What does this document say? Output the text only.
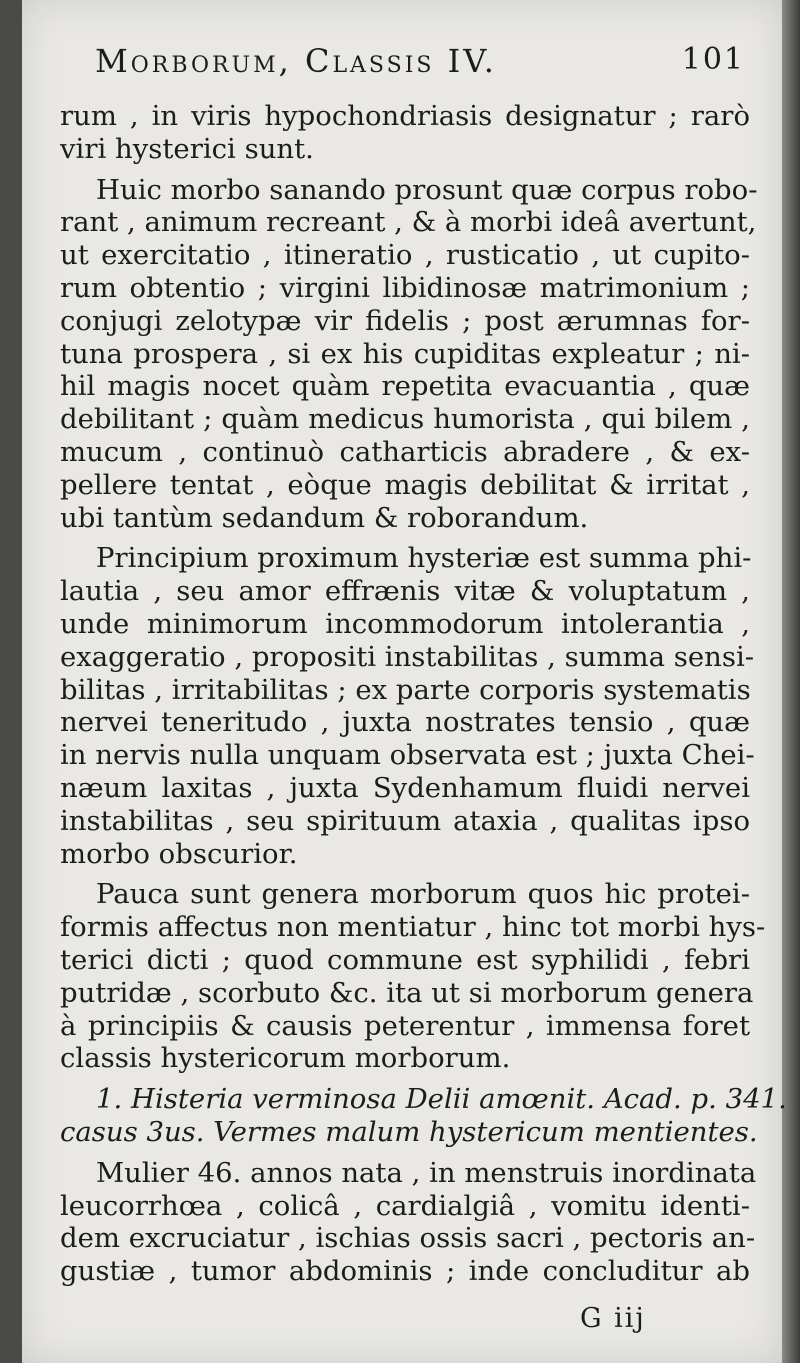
Morborum, Classis IV.	101
rum , in viris hypochondriasis designatur ; rarò
viri hysterici sunt.
Huic morbo sanando prosunt quæ corpus robo-
rant , animum recreant , & à morbi ideâ avertunt,
ut exercitatio , itineratio , rusticatio , ut cupito-
rum obtentio ; virgini libidinosæ matrimonium ;
conjugi zelotypæ vir fidelis ; post ærumnas for-
tuna prospera , si ex his cupiditas expleatur ; ni-
hil magis nocet quàm repetita evacuantia , quæ
debilitant ; quàm medicus humorista , qui bilem ,
mucum , continuò catharticis abradere , & ex-
pellere tentat , eòque magis debilitat & irritat ,
ubi tantùm sedandum & roborandum.
Principium proximum hysteriæ est summa phi-
lautia , seu amor effrænis vitæ & voluptatum ,
unde minimorum incommodorum intolerantia ,
exaggeratio , propositi instabilitas , summa sensi-
bilitas , irritabilitas ; ex parte corporis systematis
nervei teneritudo , juxta nostrates tensio , quæ
in nervis nulla unquam observata est ; juxta Chei-
næum laxitas , juxta Sydenhamum fluidi nervei
instabilitas , seu spirituum ataxia , qualitas ipso
morbo obscurior.
Pauca sunt genera morborum quos hic protei-
formis affectus non mentiatur , hinc tot morbi hys-
terici dicti ; quod commune est syphilidi , febri
putridæ , scorbuto &c. ita ut si morborum genera
à principiis & causis peterentur , immensa foret
classis hystericorum morborum.
1. Histeria verminosa Delii amœnit. Acad. p. 341.
casus 3us. Vermes malum hystericum mentientes.
Mulier 46. annos nata , in menstruis inordinata
leucorrhœa , colicâ , cardialgiâ , vomitu identi-
dem excruciatur , ischias ossis sacri , pectoris an-
gustiæ , tumor abdominis ; inde concluditur ab
G iij
